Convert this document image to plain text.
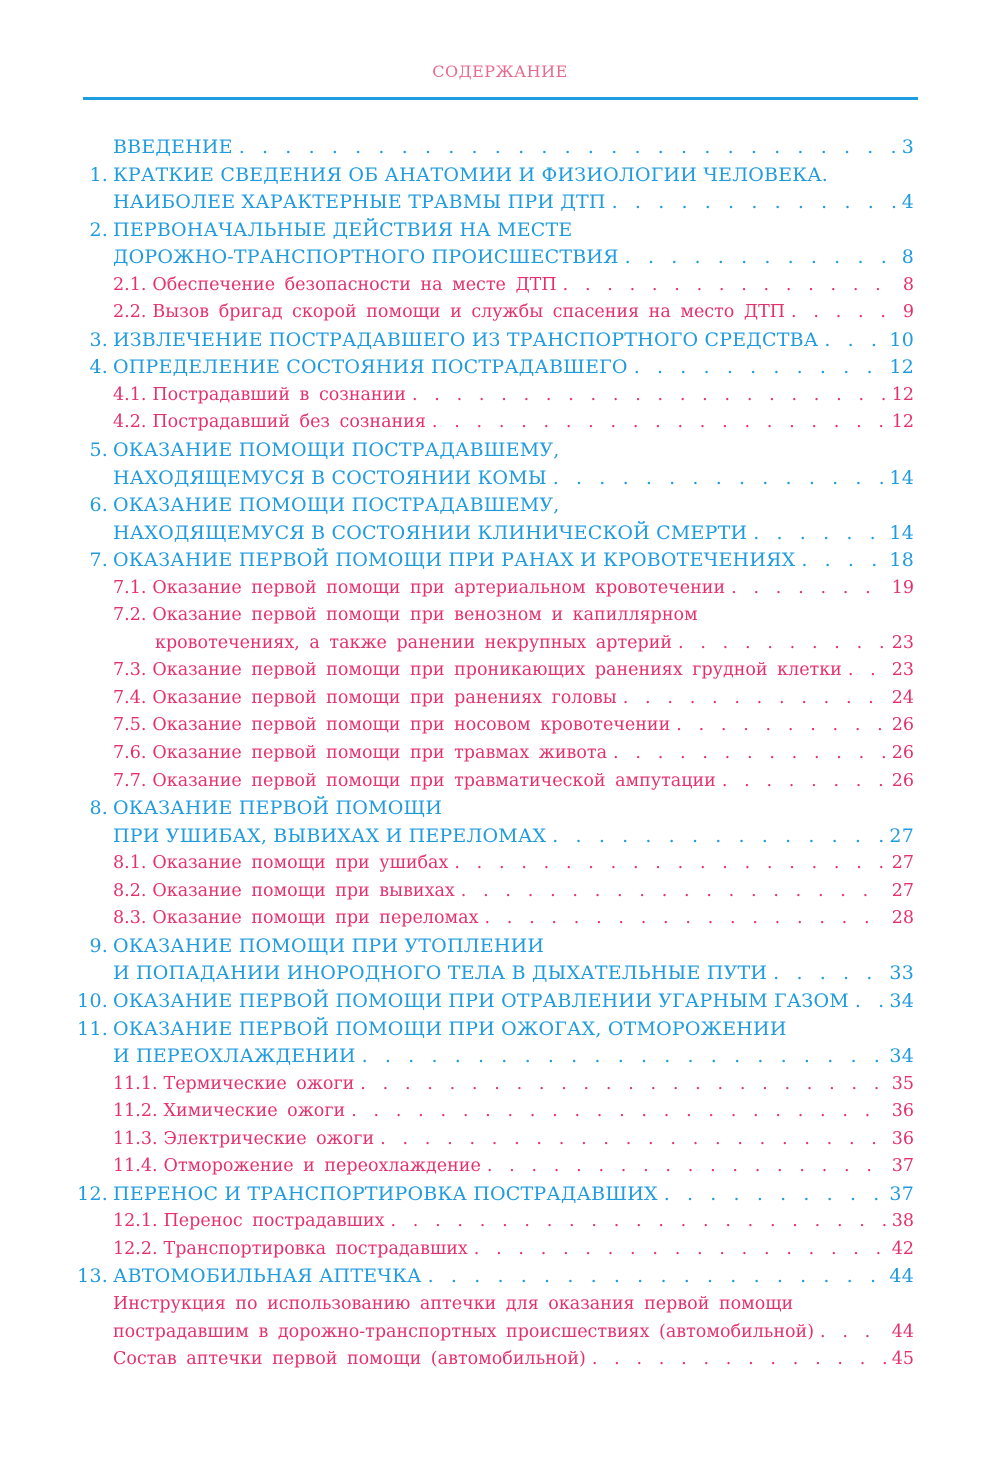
СОДЕРЖАНИЕ
ВВЕДЕНИЕ . . .	3
1. КРАТКИЕ СВЕДЕНИЯ ОБ АНАТОМИИ И ФИЗИОЛОГИИ ЧЕЛОВЕКА.
НАИБОЛЕЕ ХАРАКТЕРНЫЕ ТРАВМЫ ПРИ ДТП . . .	4
2. ПЕРВОНАЧАЛЬНЫЕ ДЕЙСТВИЯ НА МЕСТЕ
ДОРОЖНО-ТРАНСПОРТНОГО ПРОИСШЕСТВИЯ . . .	8
2.1. Обеспечение безопасности на месте ДТП . . .	8
2.2. Вызов бригад скорой помощи и службы спасения на место ДТП . . .	9
3. ИЗВЛЕЧЕНИЕ ПОСТРАДАВШЕГО ИЗ ТРАНСПОРТНОГО СРЕДСТВА . . .	10
4. ОПРЕДЕЛЕНИЕ СОСТОЯНИЯ ПОСТРАДАВШЕГО . . .	12
4.1. Пострадавший в сознании . . .	12
4.2. Пострадавший без сознания . . .	12
5. ОКАЗАНИЕ ПОМОЩИ ПОСТРАДАВШЕМУ,
НАХОДЯЩЕМУСЯ В СОСТОЯНИИ КОМЫ . . .	14
6. ОКАЗАНИЕ ПОМОЩИ ПОСТРАДАВШЕМУ,
НАХОДЯЩЕМУСЯ В СОСТОЯНИИ КЛИНИЧЕСКОЙ СМЕРТИ . . .	14
7. ОКАЗАНИЕ ПЕРВОЙ ПОМОЩИ ПРИ РАНАХ И КРОВОТЕЧЕНИЯХ . . .	18
7.1. Оказание первой помощи при артериальном кровотечении . . .	19
7.2. Оказание первой помощи при венозном и капиллярном
кровотечениях, а также ранении некрупных артерий . . .	23
7.3. Оказание первой помощи при проникающих ранениях грудной клетки . . .	23
7.4. Оказание первой помощи при ранениях головы . . .	24
7.5. Оказание первой помощи при носовом кровотечении . . .	26
7.6. Оказание первой помощи при травмах живота . . .	26
7.7. Оказание первой помощи при травматической ампутации . . .	26
8. ОКАЗАНИЕ ПЕРВОЙ ПОМОЩИ
ПРИ УШИБАХ, ВЫВИХАХ И ПЕРЕЛОМАХ . . .	27
8.1. Оказание помощи при ушибах . . .	27
8.2. Оказание помощи при вывихах . . .	27
8.3. Оказание помощи при переломах . . .	28
9. ОКАЗАНИЕ ПОМОЩИ ПРИ УТОПЛЕНИИ
И ПОПАДАНИИ ИНОРОДНОГО ТЕЛА В ДЫХАТЕЛЬНЫЕ ПУТИ . . .	33
10. ОКАЗАНИЕ ПЕРВОЙ ПОМОЩИ ПРИ ОТРАВЛЕНИИ УГАРНЫМ ГАЗОМ . . . 34
11. ОКАЗАНИЕ ПЕРВОЙ ПОМОЩИ ПРИ ОЖОГАХ, ОТМОРОЖЕНИИ
И ПЕРЕОХЛАЖДЕНИИ . . .	34
11.1. Термические ожоги . . .	35
11.2. Химические ожоги . . .	36
11.3. Электрические ожоги . . .	36
11.4. Отморожение и переохлаждение . . .	37
12. ПЕРЕНОС И ТРАНСПОРТИРОВКА ПОСТРАДАВШИХ . . .	37
12.1. Перенос пострадавших . . .	38
12.2. Транспортировка пострадавших . . .	42
13. АВТОМОБИЛЬНАЯ АПТЕЧКА . . .	44
Инструкция по использованию аптечки для оказания первой помощи
пострадавшим в дорожно-транспортных происшествиях (автомобильной) . . .	44
Состав аптечки первой помощи (автомобильной) . . .	45
